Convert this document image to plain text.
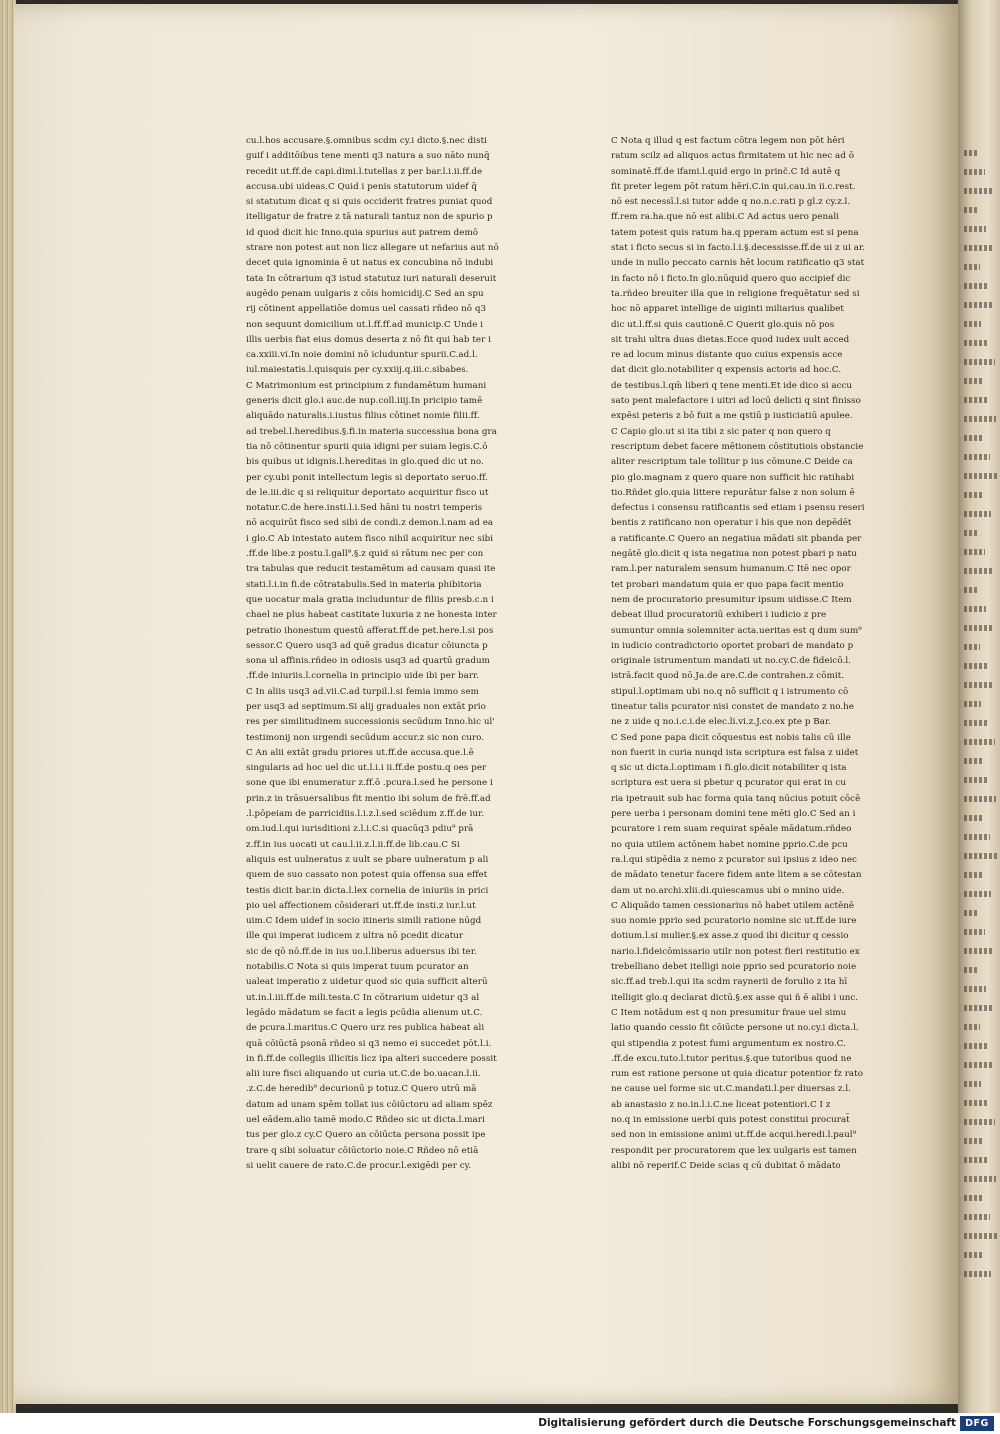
cu.l.hos accusare.§.omnibus scdm cy.i dicto.§.nec disti
guif i additōibus tene menti q3 natura a suo nāto nunq̄
recedit ut.ff.de capi.dimi.l.tutellas z per bar.l.i.ii.ff.de
accusa.ubi uideas.C Quid i penis statutorum uidef q̄
si statutum dicat q si quis occiderit fratres puniat quod
itelligatur de fratre z tā naturali tantuz non de spurio p
id quod dicit hic Inno.quia spurius aut patrem demō
strare non potest aut non licz allegare ut nefarius aut nō
decet quia ignominia ē ut natus ex concubina nō indubi
tata In cōtrarium q3 istud statutuz iuri naturali deseruit
augēdo penam uulgaris z cōis homicidij.C Sed an spu
rij cōtinent appellatiōe domus uel cassati rñdeo nō q3
non sequunt domicilium ut.l.ff.ff.ad municip.C Unde i
illis uerbis fiat eius domus deserta z nō fit qui hab ter i
ca.xxiii.vi.In noie domini nō icluduntur spurii.C.ad.l.
iul.maiestatis.l.quisquis per cy.xxiij.q.iii.c.sibabes.
C Matrimonium est principium z fundamētum humani
generis dicit glo.i auc.de nup.coll.iiij.In pricipio tamē
aliquādo naturalis.i.iustus filius cōtinet nomie filii.ff.
ad trebel.l.heredibus.§.fi.in materia successiua bona gra
tia nō cōtinentur spurii quia idigni per suiam legis.C.ō
bis quibus ut idignis.l.hereditas in glo.qued dic ut no.
per cy.ubi ponit intellectum legis si deportato seruo.ff.
de le.iii.dic q si reliquitur deportato acquiritur fisco ut
notatur.C.de here.insti.l.i.Sed hāni tu nostri temperis
nō acquirūt fisco sed sibi de condi.z demon.l.nam ad ea
i glo.C Ab intestato autem fisco nihil acquiritur nec sibi
.ff.de libe.z postu.l.gall⁹.§.z quid si rātum nec per con
tra tabulas que reducit testamētum ad causam quasi ite
stati.l.i.in fi.de cōtratabulis.Sed in materia phibitoria
que uocatur mala gratia includuntur de filiis presb.c.n i
chael ne plus habeat castitate luxuria z ne honesta inter
petratio ihonestum questū afferat.ff.de pet.here.l.si pos
sessor.C Quero usq3 ad quē gradus dicatur cōiuncta p
sona ul affinis.rñdeo in odiosis usq3 ad quartū gradum
.ff.de iniuriis.l.cornelia in principio uide ibi per barr.
C In aliis usq3 ad.vii.C.ad turpil.l.si femia immo sem
per usq3 ad septimum.Si alij graduales non extāt prio
res per similitudinem successionis secūdum Inno.hic ul'
testimonij non urgendi secūdum accur.z sic non curo.
C An alii extāt gradu priores ut.ff.de accusa.que.l.ē
singularis ad hoc uel dic ut.l.i.i ii.ff.de postu.q oes per
sone que ibi enumeratur z.ff.ō .pcura.l.sed he persone i
prin.z in trāsuersalibus fit mentio ibi solum de frē.ff.ad
.l.pōpeiam de parricidiis.l.i.z.l.sed sciēdum z.ff.de iur.
om.iud.l.qui iurisditioni z.l.i.C.si quacūq3 pdiu⁹ prā
z.ff.in ius uocati ut cau.l.ii.z.l.ii.ff.de lib.cau.C Si
aliquis est uulneratus z uult se pbare uulneratum p ali
quem de suo cassato non potest quia offensa sua effet
testis dicit bar.in dicta.l.lex cornelia de iniuriis in prici
pio uel affectionem cōsiderari ut.ff.de insti.z iur.l.ut
uim.C Idem uidef in socio itineris simili ratione nūgd
ille qui imperat iudicem z ultra nō pcedit dicatur
sic de qō nō.ff.de in ius uo.l.liberus aduersus ibi ter.
notabilis.C Nota si quis imperat tuum pcurator an
ualeat imperatio z uidetur quod sic quia sufficit alterū
ut.in.l.iii.ff.de mili.testa.C In cōtrarium uidetur q3 al
legādo mādatum se facit a legis pcūdia alienum ut.C.
de pcura.l.maritus.C Quero urz res publica habeat ali
quā cōiūctā psonā rñdeo si q3 nemo ei succedet pōt.l.i.
in fi.ff.de collegiis illicitis licz ipa alteri succedere possit
alii iure fisci aliquando ut curia ut.C.de bo.uacan.l.ii.
.z.C.de heredib⁹ decurionū p totuz.C Quero utrū mā
datum ad unam spēm tollat ius cōiūctoru ad aliam spēz
uel eādem.alio tamē modo.C Rñdeo sic ut dicta.l.mari
tus per glo.z cy.C Quero an cōiūcta persona possit ipe
trare q sibi soluatur cōiūctorio noie.C Rñdeo nō etiā
si uelit cauere de rato.C.de procur.l.exigēdi per cy.
C Nota q illud q est factum cōtra legem non pōt hēri
ratum scilz ad aliquos actus firmitatem ut hic nec ad ō
sominatē.ff.de ifami.l.quid ergo in prinč.C Id autē q
fit preter legem pōt ratum hēri.C.in qui.cau.in ii.c.rest.
nō est necessī.l.si tutor adde q no.n.c.rati p gl.z cy.z.l.
ff.rem ra.ha.que nō est alibi.C Ad actus uero penali
tatem potest quis ratum ha.q pperam actum est si pena
stat i ficto secus si in facto.l.i.§.decessisse.ff.de ui z ui ar.
unde in nullo peccato carnis hēt locum ratificatio q3 stat
in facto nō i ficto.In glo.nūquid quero quo accipief dic
ta.rñdeo breuiter illa que in religione frequētatur sed si
hoc nō apparet intellige de uiginti miliarius qualibet
dic ut.l.ff.si quis cautionē.C Querit glo.quis nō pos
sit trahi ultra duas dietas.Ecce quod iudex uult acced
re ad locum minus distante quo cuius expensis acce
dat dicit glo.notabiliter q expensis actoris ad hoc.C.
de testibus.l.qm̄ liberi q tene menti.Et ide dico si accu
sato pent malefactore i uitri ad locū delicti q sint finisso
expēsi peteris z bō fuit a me qstiū p iusticiatiū apulee.
C Capio glo.ut si ita tibi z sic pater q non quero q
rescriptum debet facere mētionem cōstitutiois obstancie
aliter rescriptum tale tollitur p ius cōmune.C Deide ca
pio glo.magnam z quero quare non sufficit hic ratihabi
tio.Rñdet glo.quia littere repurātur false z non solum ē
defectus i consensu ratificantis sed etiam i psensu reseri
bentis z ratificano non operatur i his que non depēdēt
a ratificante.C Quero an negatiua mādati sit pbanda per
negātē glo.dicit q ista negatiua non potest pbari p natu
ram.l.per naturalem sensum humanum.C Itē nec opor
tet probari mandatum quia er quo papa facit mentio
nem de procuratorio presumitur ipsum uidisse.C Item
debeat illud procuratoriū exhiberi i iudicio z pre
sumuntur omnia solemniter acta.ueritas est q dum sum⁹
in iudicio contradictorio oportet probari de mandato p
originale istrumentum mandati ut no.cy.C.de fideicō.l.
istrā.facit quod nō.Ja.de are.C.de contrahen.z cōmit.
stipul.l.optimam ubi no.q nō sufficit q i istrumento cō
tineatur talis pcurator nisi constet de mandato z no.he
ne z uide q no.i.c.i.de elec.li.vi.z.J.co.ex pte p Bar.
C Sed pone papa dicit cōquestus est nobis talis cū ille
non fuerit in curia nunqd ista scriptura est falsa z uidet
q sic ut dicta.l.optimam i fi.glo.dicit notabiliter q ista
scriptura est uera si pbetur q pcurator qui erat in cu
ria ipetrauit sub hac forma quia tanq nūcius potuit cōcē
pere uerba i personam domini tene mēti glo.C Sed an i
pcuratore i rem suam requirat spēale mādatum.rñdeo
no quia utilem actōnem habet nomine pprio.C.de pcu
ra.l.qui stipēdia z nemo z pcurator sui ipsius z ideo nec
de mādato tenetur facere fidem ante litem a se cōtestan
dam ut no.archi.xlii.di.quiescamus ubi o mnino uide.
C Aliquādo tamen cessionarius nō habet utilem actēnē
suo nomie pprio sed pcuratorio nomine sic ut.ff.de iure
dotium.l.si mulier.§.ex asse.z quod ibi dicitur q cessio
nario.l.fideicōmissario utilr non potest fieri restitutio ex
trebelliano debet itelligi noie pprio sed pcuratorio noie
sic.ff.ad treb.l.qui ita scdm raynerii de forulio z ita hī
itelligit glo.q declarat dictū.§.ex asse qui ñ ē alibi i unc.
C Item notādum est q non presumitur fraue uel simu
latio quando cessio fit cōiūcte persone ut no.cy.i dicta.l.
qui stipendia z potest fumi argumentum ex nostro.C.
.ff.de excu.tuto.l.tutor peritus.§.que tutoribus quod ne
rum est ratione persone ut quia dicatur potentior fz rato
ne cause uel forme sic ut.C.mandati.l.per diuersas z.l.
ab anastasio z no.in.l.i.C.ne liceat potentiori.C I z
no.q in emissione uerbi quis potest constitui procurat̄
sed non in emissione animi ut.ff.de acqui.heredi.l.paul⁹
respondit per procuratorem que lex uulgaris est tamen
alibi nō reperif.C Deide scias q cū dubitat ō mādato
Digitalisierung gefördert durch die Deutsche Forschungsgemeinschaft DFG
